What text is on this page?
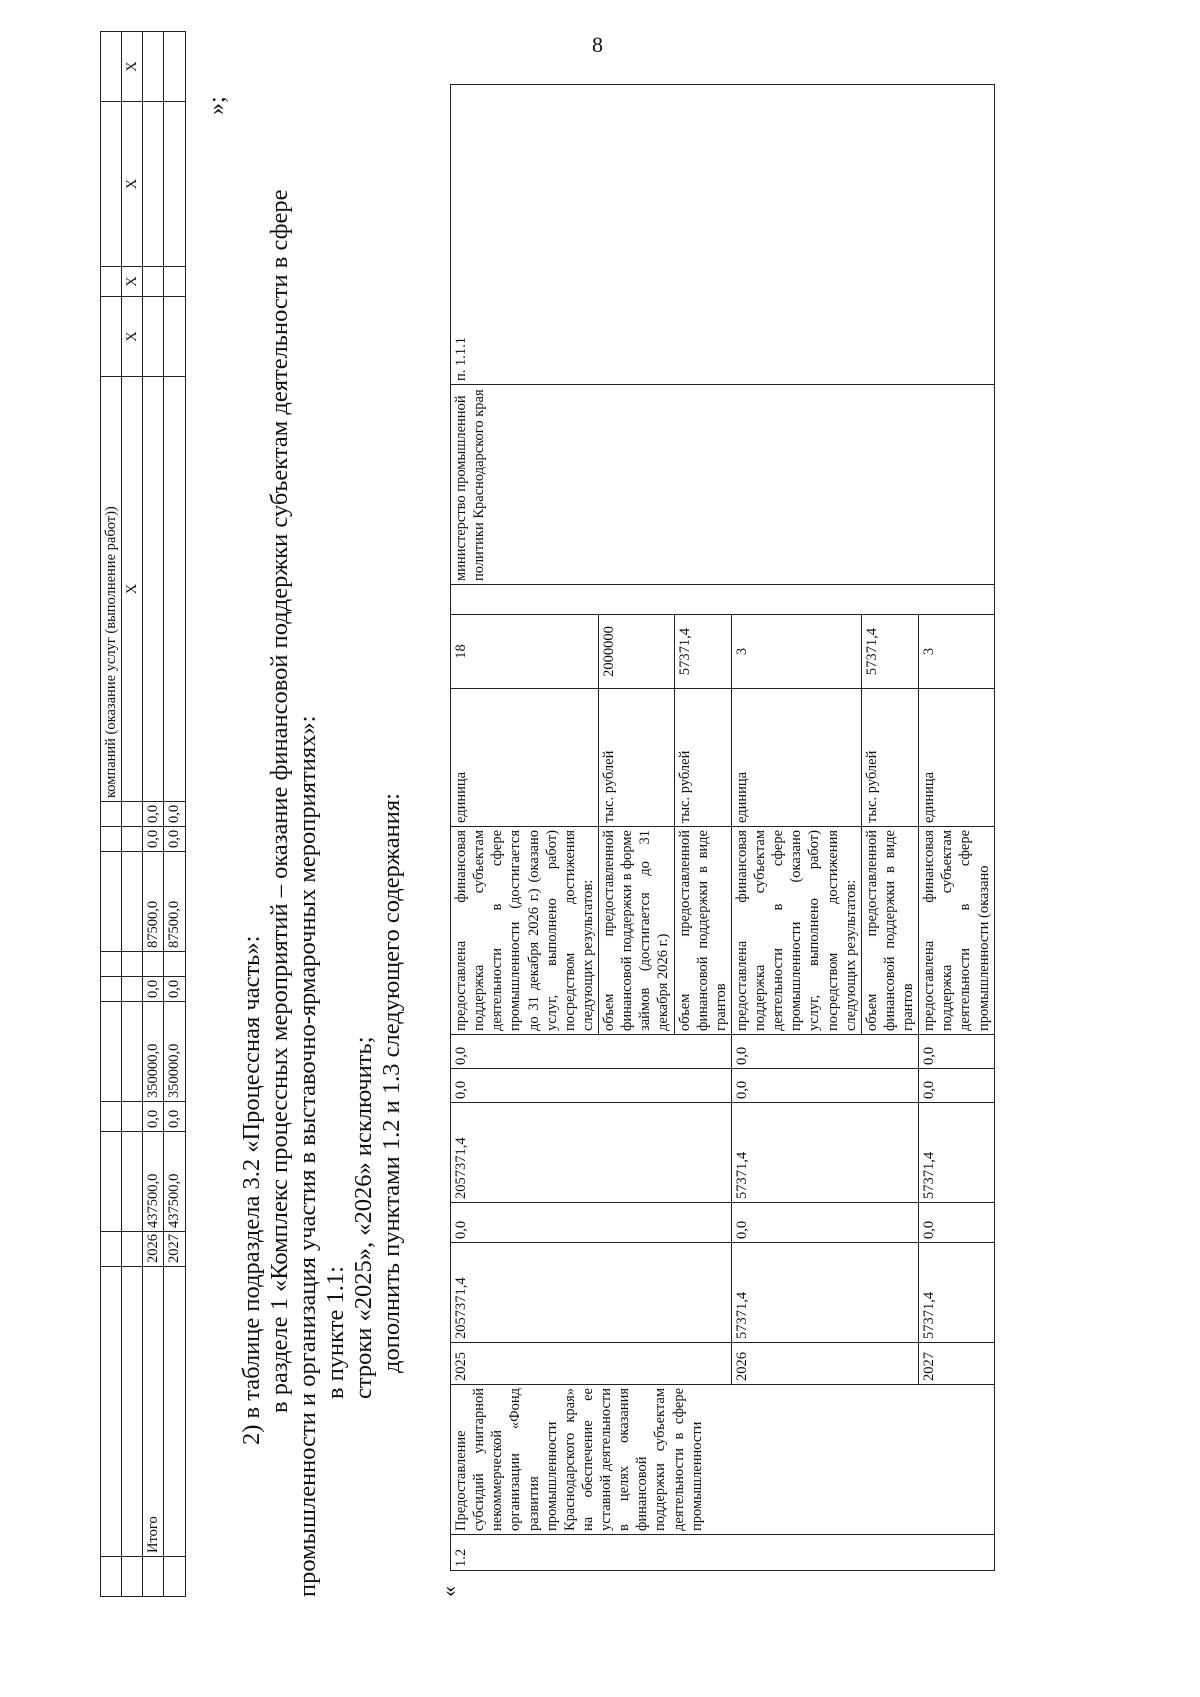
8
											компаний (оказание услуг (выполнение работ))				
											X	X	X	X	X
	Итого	2026	437500,0	0,0	350000,0	0,0		87500,0	0,0	0,0					
		2027	437500,0	0,0	350000,0	0,0		87500,0	0,0	0,0					
»;
2) в таблице подраздела 3.2 «Процессная часть»: в разделе 1 «Комплекс процессных мероприятий – оказание финансовой поддержки субъектам деятельности в сфере промышленности и организация участия в выставочно-ярмарочных мероприятиях»: в пункте 1.1: строки «2025», «2026» исключить; дополнить пунктами 1.2 и 1.3 следующего содержания:
«
1.2	Предоставление субсидий унитарной некоммерческой организации «Фонд развития промышленности Краснодарского края» на обеспечение ее уставной деятельности в целях оказания финансовой поддержки субъектам деятельности в сфере промышленности	2025	2057371,4	0,0	2057371,4	0,0	0,0	предоставлена финансовая поддержка субъектам деятельности в сфере промышленности (достигается до 31 декабря 2026 г.) (оказано услуг, выполнено работ) посредством достижения следующих результатов:	единица	18		министерство промышленной политики Краснодарского края	п. 1.1.1
								объем предоставленной финансовой поддержки в форме займов (достигается до 31 декабря 2026 г.)	тыс. рублей	2000000			
								объем предоставленной финансовой поддержки в виде грантов	тыс. рублей	57371,4			
		2026	57371,4	0,0	57371,4	0,0	0,0	предоставлена финансовая поддержка субъектам деятельности в сфере промышленности (оказано услуг, выполнено работ) посредством достижения следующих результатов:	единица	3			
								объем предоставленной финансовой поддержки в виде грантов	тыс. рублей	57371,4			
		2027	57371,4	0,0	57371,4	0,0	0,0	предоставлена финансовая поддержка субъектам деятельности в сфере промышленности (оказано	единица	3			
